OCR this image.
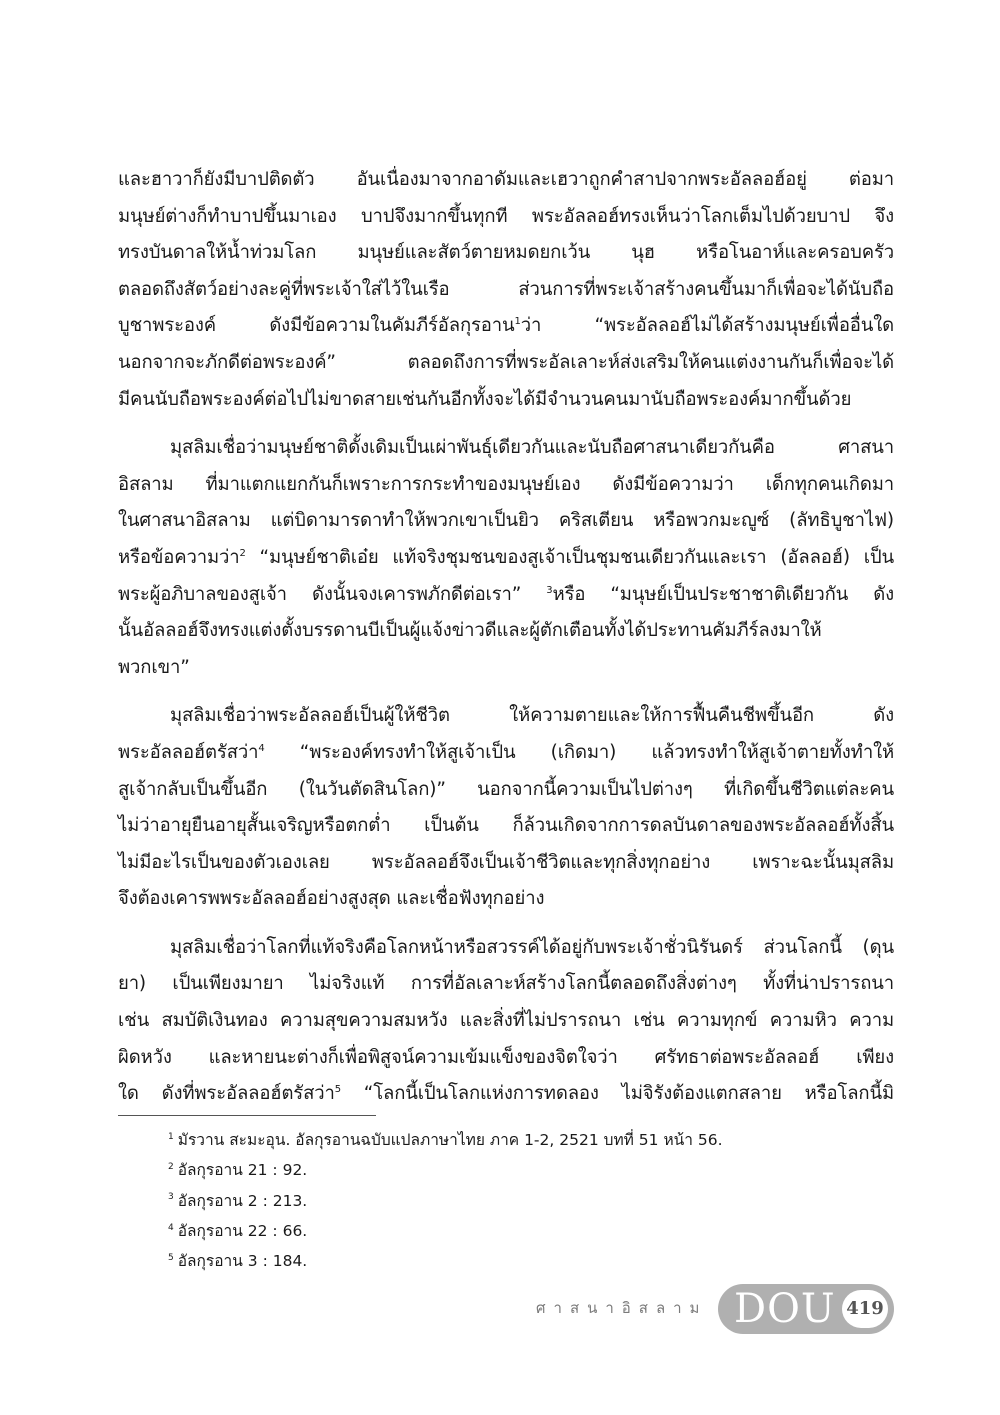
และฮาวาก็ยังมีบาปติดตัว อันเนื่องมาจากอาดัมและเฮวาถูกคำสาปจากพระอัลลอฮ์อยู่ ต่อมา
มนุษย์ต่างก็ทำบาปขึ้นมาเอง บาปจึงมากขึ้นทุกที พระอัลลอฮ์ทรงเห็นว่าโลกเต็มไปด้วยบาป จึง
ทรงบันดาลให้น้ำท่วมโลก มนุษย์และสัตว์ตายหมดยกเว้น นุฮ หรือโนอาห์และครอบครัว
ตลอดถึงสัตว์อย่างละคู่ที่พระเจ้าใส่ไว้ในเรือ ส่วนการที่พระเจ้าสร้างคนขึ้นมาก็เพื่อจะได้นับถือ
บูชาพระองค์ ดังมีข้อความในคัมภีร์อัลกุรอาน$^1$ว่า “พระอัลลอฮ์ไม่ได้สร้างมนุษย์เพื่ออื่นใด
นอกจากจะภักดีต่อพระองค์” ตลอดถึงการที่พระอัลเลาะห์ส่งเสริมให้คนแต่งงานกันก็เพื่อจะได้
มีคนนับถือพระองค์ต่อไปไม่ขาดสายเช่นกันอีกทั้งจะได้มีจำนวนคนมานับถือพระองค์มากขึ้นด้วย
มุสลิมเชื่อว่ามนุษย์ชาติดั้งเดิมเป็นเผ่าพันธุ์เดียวกันและนับถือศาสนาเดียวกันคือ ศาสนา
อิสลาม ที่มาแตกแยกกันก็เพราะการกระทำของมนุษย์เอง ดังมีข้อความว่า เด็กทุกคนเกิดมา
ในศาสนาอิสลาม แต่บิดามารดาทำให้พวกเขาเป็นยิว คริสเตียน หรือพวกมะญูซ์ (ลัทธิบูชาไฟ)
หรือข้อความว่า$^2$ “มนุษย์ชาติเอ๋ย แท้จริงชุมชนของสูเจ้าเป็นชุมชนเดียวกันและเรา (อัลลอฮ์) เป็น
พระผู้อภิบาลของสูเจ้า ดังนั้นจงเคารพภักดีต่อเรา” $^3$หรือ “มนุษย์เป็นประชาชาติเดียวกัน ดัง
นั้นอัลลอฮ์จึงทรงแต่งตั้งบรรดานบีเป็นผู้แจ้งข่าวดีและผู้ตักเตือนทั้งได้ประทานคัมภีร์ลงมาให้
พวกเขา”
มุสลิมเชื่อว่าพระอัลลอฮ์เป็นผู้ให้ชีวิต ให้ความตายและให้การฟื้นคืนชีพขึ้นอีก ดัง
พระอัลลอฮ์ตรัสว่า$^4$ “พระองค์ทรงทำให้สูเจ้าเป็น (เกิดมา) แล้วทรงทำให้สูเจ้าตายทั้งทำให้
สูเจ้ากลับเป็นขึ้นอีก (ในวันตัดสินโลก)” นอกจากนี้ความเป็นไปต่างๆ ที่เกิดขึ้นชีวิตแต่ละคน
ไม่ว่าอายุยืนอายุสั้นเจริญหรือตกต่ำ เป็นต้น ก็ล้วนเกิดจากการดลบันดาลของพระอัลลอฮ์ทั้งสิ้น
ไม่มีอะไรเป็นของตัวเองเลย พระอัลลอฮ์จึงเป็นเจ้าชีวิตและทุกสิ่งทุกอย่าง เพราะฉะนั้นมุสลิม
จึงต้องเคารพพระอัลลอฮ์อย่างสูงสุด และเชื่อฟังทุกอย่าง
มุสลิมเชื่อว่าโลกที่แท้จริงคือโลกหน้าหรือสวรรค์ได้อยู่กับพระเจ้าชั่วนิรันดร์ ส่วนโลกนี้ (ดุน
ยา) เป็นเพียงมายา ไม่จริงแท้ การที่อัลเลาะห์สร้างโลกนี้ตลอดถึงสิ่งต่างๆ ทั้งที่น่าปรารถนา
เช่น สมบัติเงินทอง ความสุขความสมหวัง และสิ่งที่ไม่ปรารถนา เช่น ความทุกข์ ความหิว ความ
ผิดหวัง และหายนะต่างก็เพื่อพิสูจน์ความเข้มแข็งของจิตใจว่า ศรัทธาต่อพระอัลลอฮ์ เพียง
ใด ดังที่พระอัลลอฮ์ตรัสว่า$^5$ “โลกนี้เป็นโลกแห่งการทดลอง ไม่จิรังต้องแตกสลาย หรือโลกนี้มิ
$^1$ มัรวาน สะมะอุน. อัลกุรอานฉบับแปลภาษาไทย ภาค 1-2, 2521 บทที่ 51 หน้า 56.
$^2$ อัลกุรอาน 21 : 92.
$^3$ อัลกุรอาน 2 : 213.
$^4$ อัลกุรอาน 22 : 66.
$^5$ อัลกุรอาน 3 : 184.
ศาสนาอิสลาม DOU 419
